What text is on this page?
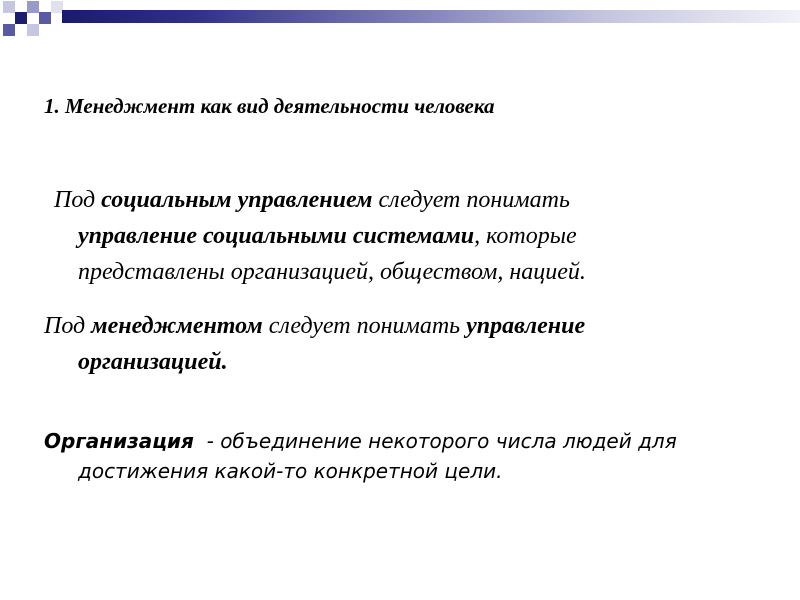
1. Менеджмент как вид деятельности человека
Под социальным управлением следует понимать
управление социальными системами, которые
представлены организацией, обществом, нацией.
Под менеджментом следует понимать управление
организацией.
Организация  - объединение некоторого числа людей для
достижения какой-то конкретной цели.
